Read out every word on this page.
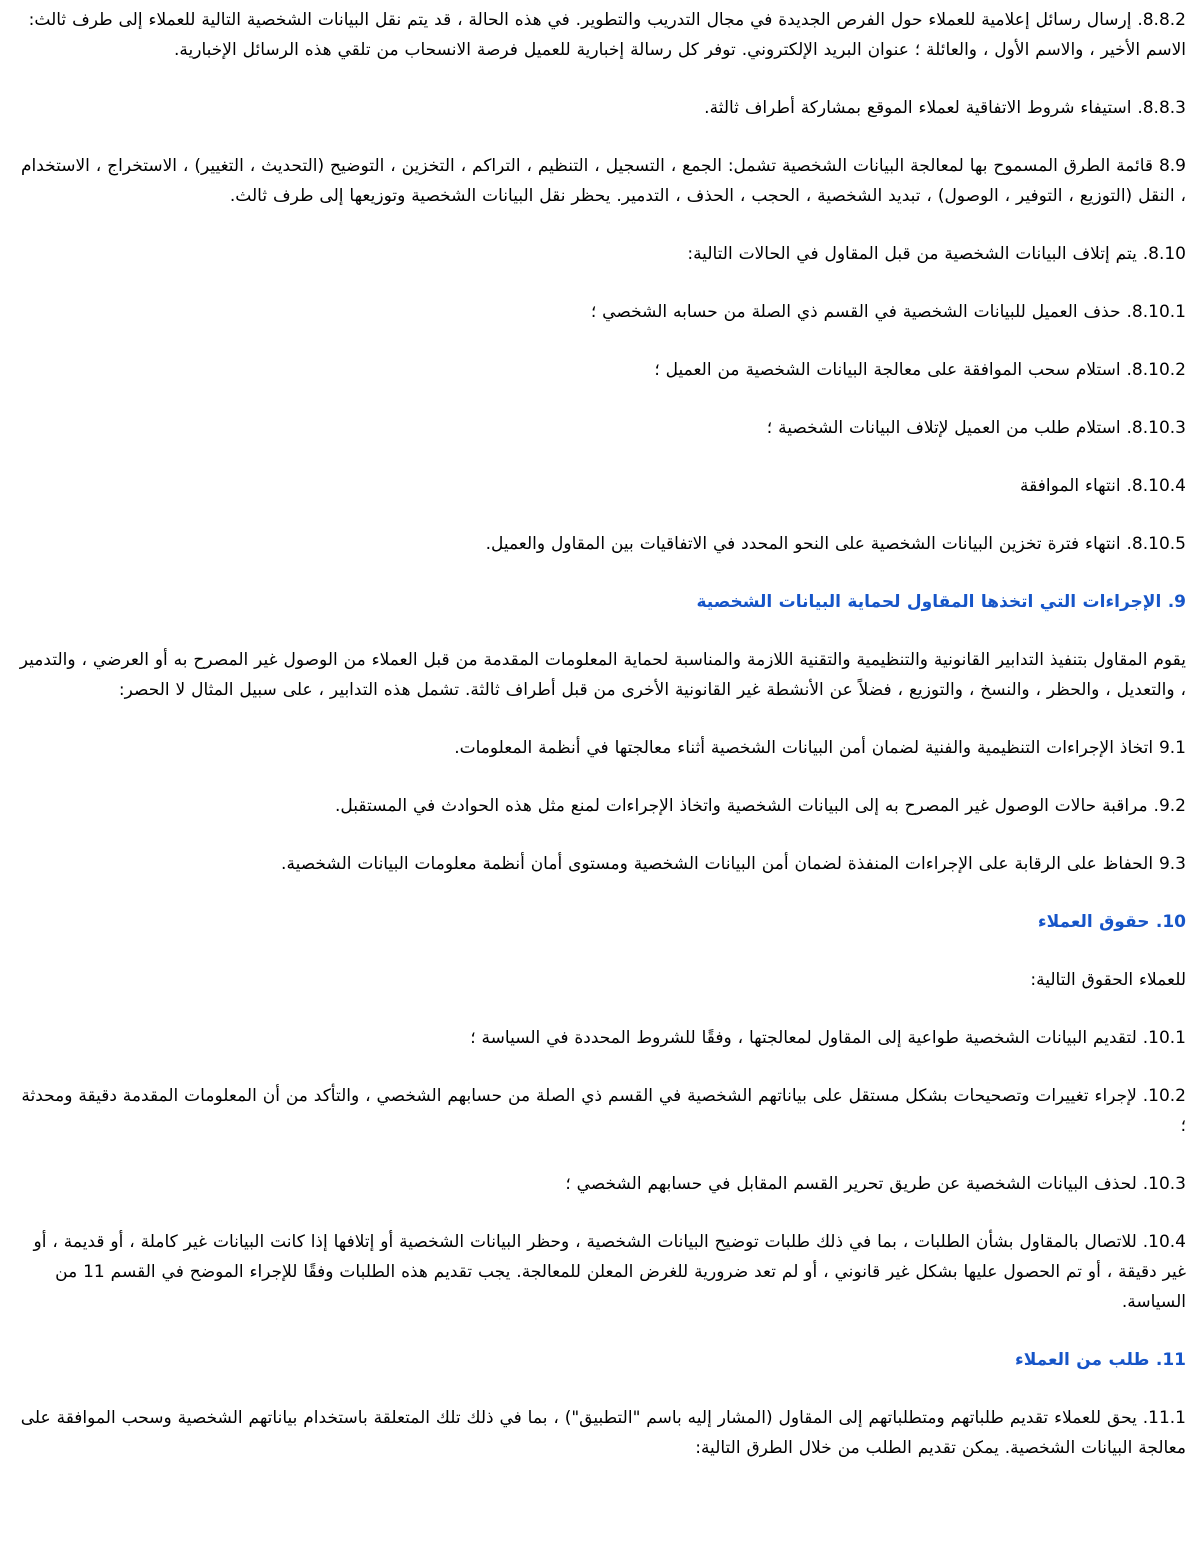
8.8.2. إرسال رسائل إعلامية للعملاء حول الفرص الجديدة في مجال التدريب والتطوير. في هذه الحالة ، قد يتم نقل البيانات الشخصية التالية للعملاء إلى طرف ثالث: الاسم الأخير ، والاسم الأول ، والعائلة ؛ عنوان البريد الإلكتروني. توفر كل رسالة إخبارية للعميل فرصة الانسحاب من تلقي هذه الرسائل الإخبارية.

8.8.3. استيفاء شروط الاتفاقية لعملاء الموقع بمشاركة أطراف ثالثة.

8.9 قائمة الطرق المسموح بها لمعالجة البيانات الشخصية تشمل: الجمع ، التسجيل ، التنظيم ، التراكم ، التخزين ، التوضيح (التحديث ، التغيير) ، الاستخراج ، الاستخدام ، النقل (التوزيع ، التوفير ، الوصول) ، تبديد الشخصية ، الحجب ، الحذف ، التدمير. يحظر نقل البيانات الشخصية وتوزيعها إلى طرف ثالث.

8.10. يتم إتلاف البيانات الشخصية من قبل المقاول في الحالات التالية:

8.10.1. حذف العميل للبيانات الشخصية في القسم ذي الصلة من حسابه الشخصي ؛

8.10.2. استلام سحب الموافقة على معالجة البيانات الشخصية من العميل ؛

8.10.3. استلام طلب من العميل لإتلاف البيانات الشخصية ؛

8.10.4. انتهاء الموافقة

8.10.5. انتهاء فترة تخزين البيانات الشخصية على النحو المحدد في الاتفاقيات بين المقاول والعميل.

9. الإجراءات التي اتخذها المقاول لحماية البيانات الشخصية

يقوم المقاول بتنفيذ التدابير القانونية والتنظيمية والتقنية اللازمة والمناسبة لحماية المعلومات المقدمة من قبل العملاء من الوصول غير المصرح به أو العرضي ، والتدمير ، والتعديل ، والحظر ، والنسخ ، والتوزيع ، فضلاً عن الأنشطة غير القانونية الأخرى من قبل أطراف ثالثة. تشمل هذه التدابير ، على سبيل المثال لا الحصر:

9.1 اتخاذ الإجراءات التنظيمية والفنية لضمان أمن البيانات الشخصية أثناء معالجتها في أنظمة المعلومات.

9.2. مراقبة حالات الوصول غير المصرح به إلى البيانات الشخصية واتخاذ الإجراءات لمنع مثل هذه الحوادث في المستقبل.

9.3 الحفاظ على الرقابة على الإجراءات المنفذة لضمان أمن البيانات الشخصية ومستوى أمان أنظمة معلومات البيانات الشخصية.

10. حقوق العملاء

للعملاء الحقوق التالية:

10.1. لتقديم البيانات الشخصية طواعية إلى المقاول لمعالجتها ، وفقًا للشروط المحددة في السياسة ؛

10.2. لإجراء تغييرات وتصحيحات بشكل مستقل على بياناتهم الشخصية في القسم ذي الصلة من حسابهم الشخصي ، والتأكد من أن المعلومات المقدمة دقيقة ومحدثة ؛

10.3. لحذف البيانات الشخصية عن طريق تحرير القسم المقابل في حسابهم الشخصي ؛

10.4. للاتصال بالمقاول بشأن الطلبات ، بما في ذلك طلبات توضيح البيانات الشخصية ، وحظر البيانات الشخصية أو إتلافها إذا كانت البيانات غير كاملة ، أو قديمة ، أو غير دقيقة ، أو تم الحصول عليها بشكل غير قانوني ، أو لم تعد ضرورية للغرض المعلن للمعالجة. يجب تقديم هذه الطلبات وفقًا للإجراء الموضح في القسم 11 من السياسة.

11. طلب من العملاء

11.1. يحق للعملاء تقديم طلباتهم ومتطلباتهم إلى المقاول (المشار إليه باسم "التطبيق") ، بما في ذلك تلك المتعلقة باستخدام بياناتهم الشخصية وسحب الموافقة على معالجة البيانات الشخصية. يمكن تقديم الطلب من خلال الطرق التالية:
